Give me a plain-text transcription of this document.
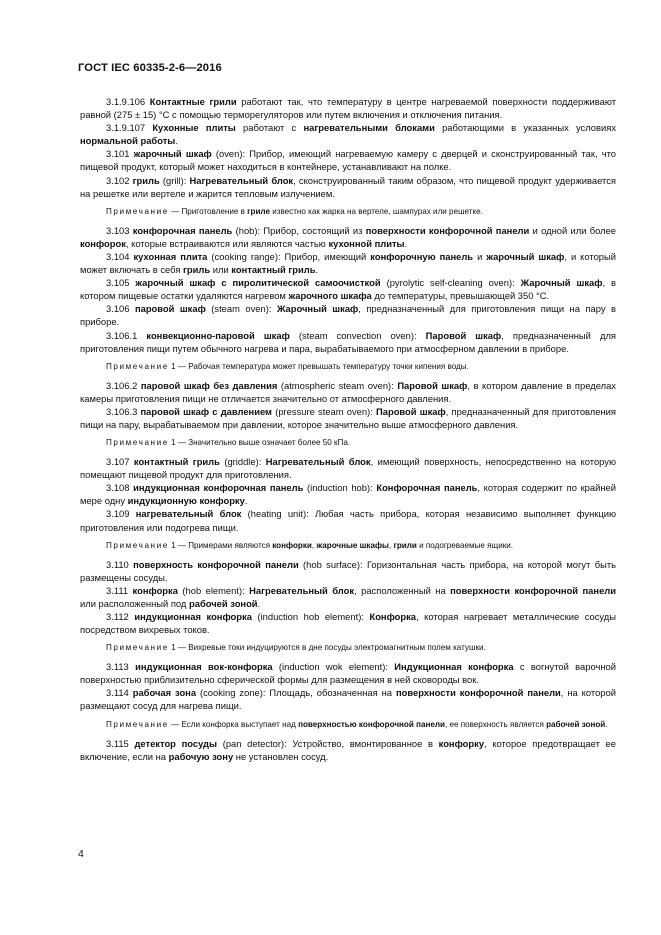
ГОСТ IEC 60335-2-6—2016

3.1.9.106 Контактные грили работают так, что температуру в центре нагреваемой поверхности поддерживают равной (275 ± 15) °С с помощью терморегуляторов или путем включения и отключения питания.

3.1.9.107 Кухонные плиты работают с нагревательными блоками работающими в указанных условиях нормальной работы.

3.101 жарочный шкаф (oven): Прибор, имеющий нагреваемую камеру с дверцей и сконструированный так, что пищевой продукт, который может находиться в контейнере, устанавливают на полке.

3.102 гриль (grill): Нагревательный блок, сконструированный таким образом, что пищевой продукт удерживается на решетке или вертеле и жарится тепловым излучением.

Примечание — Приготовление в гриле известно как жарка на вертеле, шампурах или решетке.

3.103 конфорочная панель (hob): Прибор, состоящий из поверхности конфорочной панели и одной или более конфорок, которые встраиваются или являются частью кухонной плиты.

3.104 кухонная плита (cooking range): Прибор, имеющий конфорочную панель и жарочный шкаф, и который может включать в себя гриль или контактный гриль.

3.105 жарочный шкаф с пиролитической самоочисткой (pyrolytic self-cleaning oven): Жарочный шкаф, в котором пищевые остатки удаляются нагревом жарочного шкафа до температуры, превышающей 350 °С.

3.106 паровой шкаф (steam oven): Жарочный шкаф, предназначенный для приготовления пищи на пару в приборе.

3.106.1 конвекционно-паровой шкаф (steam convection oven): Паровой шкаф, предназначенный для приготовления пищи путем обычного нагрева и пара, вырабатываемого при атмосферном давлении в приборе.

Примечание 1 — Рабочая температура может превышать температуру точки кипения воды.

3.106.2 паровой шкаф без давления (atmospheric steam oven): Паровой шкаф, в котором давление в пределах камеры приготовления пищи не отличается значительно от атмосферного давления.

3.106.3 паровой шкаф с давлением (pressure steam oven): Паровой шкаф, предназначенный для приготовления пищи на пару, вырабатываемом при давлении, которое значительно выше атмосферного давления.

Примечание 1 — Значительно выше означает более 50 кПа.

3.107 контактный гриль (griddle): Нагревательный блок, имеющий поверхность, непосредственно на которую помещают пищевой продукт для приготовления.

3.108 индукционная конфорочная панель (induction hob): Конфорочная панель, которая содержит по крайней мере одну индукционную конфорку.

3.109 нагревательный блок (heating unit): Любая часть прибора, которая независимо выполняет функцию приготовления или подогрева пищи.

Примечание 1 — Примерами являются конфорки, жарочные шкафы, грили и подогреваемые ящики.

3.110 поверхность конфорочной панели (hob surface): Горизонтальная часть прибора, на которой могут быть размещены сосуды.

3.111 конфорка (hob element): Нагревательный блок, расположенный на поверхности конфорочной панели или расположенный под рабочей зоной.

3.112 индукционная конфорка (induction hob element): Конфорка, которая нагревает металлические сосуды посредством вихревых токов.

Примечание 1 — Вихревые токи индуцируются в дне посуды электромагнитным полем катушки.

3.113 индукционная вок-конфорка (induction wok element): Индукционная конфорка с вогнутой варочной поверхностью приблизительно сферической формы для размещения в ней сковороды вок.

3.114 рабочая зона (cooking zone): Площадь, обозначенная на поверхности конфорочной панели, на которой размещают сосуд для нагрева пищи.

Примечание — Если конфорка выступает над поверхностью конфорочной панели, ее поверхность является рабочей зоной.

3.115 детектор посуды (pan detector): Устройство, вмонтированное в конфорку, которое предотвращает ее включение, если на рабочую зону не установлен сосуд.

4
